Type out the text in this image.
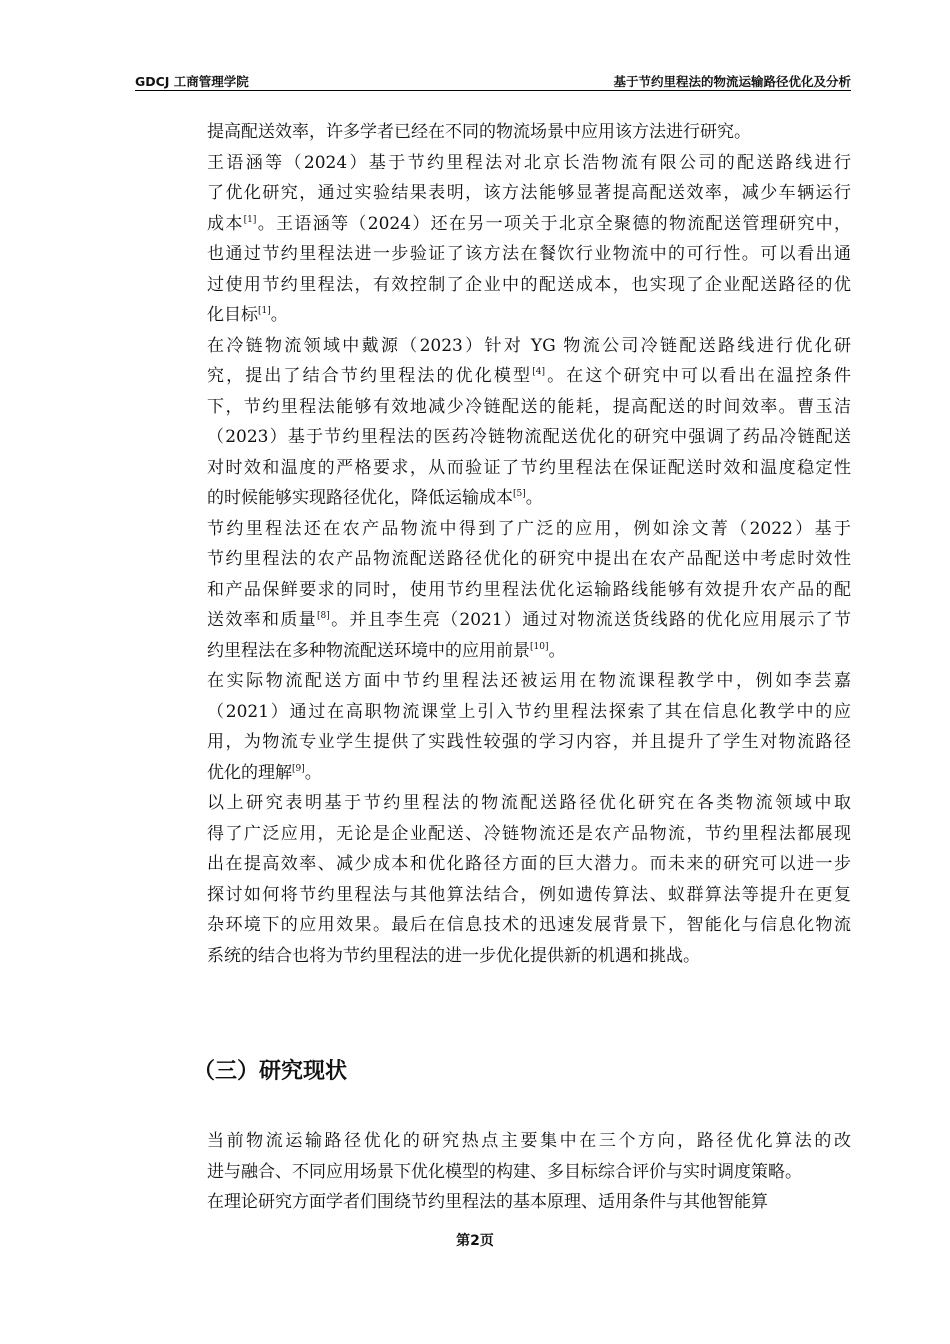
GDCJ 工商管理学院	基于节约里程法的物流运输路径优化及分析
提高配送效率，许多学者已经在不同的物流场景中应用该方法进行研究。
王语涵等（2024）基于节约里程法对北京长浩物流有限公司的配送路线进行
了优化研究，通过实验结果表明，该方法能够显著提高配送效率，减少车辆运行
成本[1]。王语涵等（2024）还在另一项关于北京全聚德的物流配送管理研究中，
也通过节约里程法进一步验证了该方法在餐饮行业物流中的可行性。可以看出通
过使用节约里程法，有效控制了企业中的配送成本，也实现了企业配送路径的优
化目标[1]。
在冷链物流领域中戴源（2023）针对 YG 物流公司冷链配送路线进行优化研
究，提出了结合节约里程法的优化模型[4]。在这个研究中可以看出在温控条件
下，节约里程法能够有效地减少冷链配送的能耗，提高配送的时间效率。曹玉洁
（2023）基于节约里程法的医药冷链物流配送优化的研究中强调了药品冷链配送
对时效和温度的严格要求，从而验证了节约里程法在保证配送时效和温度稳定性
的时候能够实现路径优化，降低运输成本[5]。
节约里程法还在农产品物流中得到了广泛的应用，例如涂文菁（2022）基于
节约里程法的农产品物流配送路径优化的研究中提出在农产品配送中考虑时效性
和产品保鲜要求的同时，使用节约里程法优化运输路线能够有效提升农产品的配
送效率和质量[8]。并且李生亮（2021）通过对物流送货线路的优化应用展示了节
约里程法在多种物流配送环境中的应用前景[10]。
在实际物流配送方面中节约里程法还被运用在物流课程教学中，例如李芸嘉
（2021）通过在高职物流课堂上引入节约里程法探索了其在信息化教学中的应
用，为物流专业学生提供了实践性较强的学习内容，并且提升了学生对物流路径
优化的理解[9]。
以上研究表明基于节约里程法的物流配送路径优化研究在各类物流领域中取
得了广泛应用，无论是企业配送、冷链物流还是农产品物流，节约里程法都展现
出在提高效率、减少成本和优化路径方面的巨大潜力。而未来的研究可以进一步
探讨如何将节约里程法与其他算法结合，例如遗传算法、蚁群算法等提升在更复
杂环境下的应用效果。最后在信息技术的迅速发展背景下，智能化与信息化物流
系统的结合也将为节约里程法的进一步优化提供新的机遇和挑战。
（三）研究现状
当前物流运输路径优化的研究热点主要集中在三个方向，路径优化算法的改
进与融合、不同应用场景下优化模型的构建、多目标综合评价与实时调度策略。
在理论研究方面学者们围绕节约里程法的基本原理、适用条件与其他智能算
第2页
